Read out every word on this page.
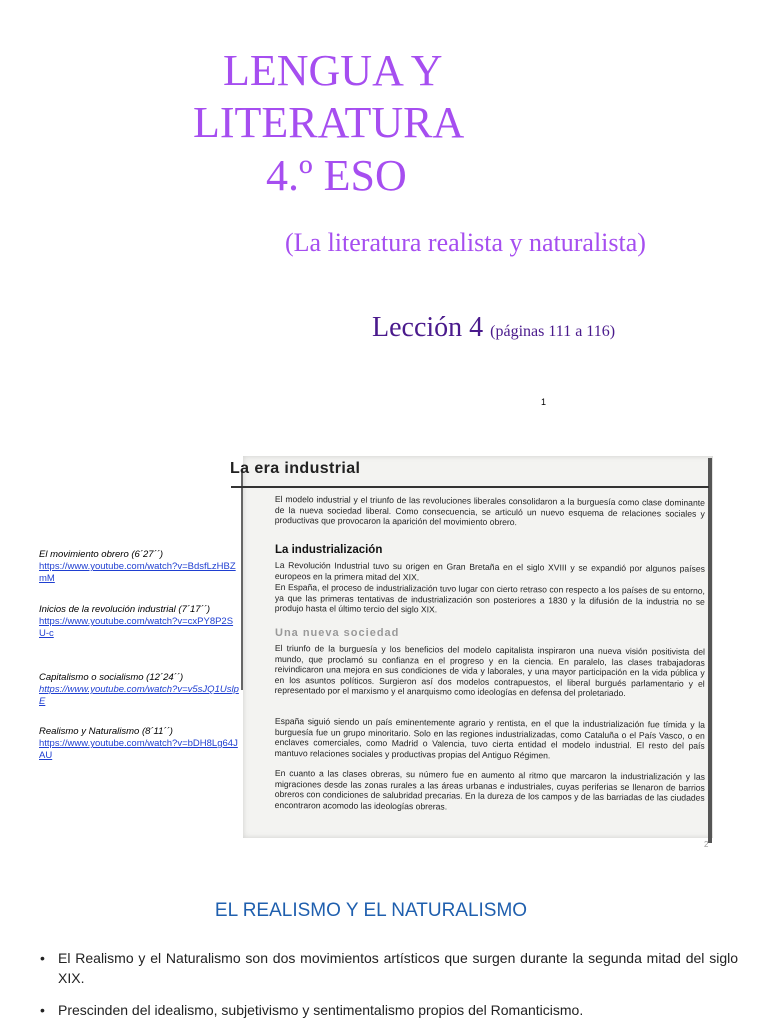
LENGUA Y
LITERATURA
4.º ESO
(La literatura realista y naturalista)
Lección 4 (páginas 111 a 116)
1
El movimiento obrero (6´27´´)
https://www.youtube.com/watch?v=BdsfLzHBZmM
Inicios de la revolución industrial (7´17´´)
https://www.youtube.com/watch?v=cxPY8P2SU-c
Capitalismo o socialismo (12´24´´)
https://www.youtube.com/watch?v=v5sJQ1UslpE
Realismo y Naturalismo (8´11´´)
https://www.youtube.com/watch?v=bDH8Lg64JAU
La era industrial
El modelo industrial y el triunfo de las revoluciones liberales consolidaron a la burguesía como clase dominante de la nueva sociedad liberal. Como consecuencia, se articuló un nuevo esquema de relaciones sociales y productivas que provocaron la aparición del movimiento obrero.
La industrialización
La Revolución Industrial tuvo su origen en Gran Bretaña en el siglo XVIII y se expandió por algunos países europeos en la primera mitad del XIX.
En España, el proceso de industrialización tuvo lugar con cierto retraso con respecto a los países de su entorno, ya que las primeras tentativas de industrialización son posteriores a 1830 y la difusión de la industria no se produjo hasta el último tercio del siglo XIX.
Una nueva sociedad
El triunfo de la burguesía y los beneficios del modelo capitalista inspiraron una nueva visión positivista del mundo, que proclamó su confianza en el progreso y en la ciencia. En paralelo, las clases trabajadoras reivindicaron una mejora en sus condiciones de vida y laborales, y una mayor participación en la vida pública y en los asuntos políticos. Surgieron así dos modelos contrapuestos, el liberal burgués parlamentario y el representado por el marxismo y el anarquismo como ideologías en defensa del proletariado.
España siguió siendo un país eminentemente agrario y rentista, en el que la industrialización fue tímida y la burguesía fue un grupo minoritario. Solo en las regiones industrializadas, como Cataluña o el País Vasco, o en enclaves comerciales, como Madrid o Valencia, tuvo cierta entidad el modelo industrial. El resto del país mantuvo relaciones sociales y productivas propias del Antiguo Régimen.
En cuanto a las clases obreras, su número fue en aumento al ritmo que marcaron la industrialización y las migraciones desde las zonas rurales a las áreas urbanas e industriales, cuyas periferias se llenaron de barrios obreros con condiciones de salubridad precarias. En la dureza de los campos y de las barriadas de las ciudades encontraron acomodo las ideologías obreras.
2
EL REALISMO Y EL NATURALISMO
• El Realismo y el Naturalismo son dos movimientos artísticos que surgen durante la segunda mitad del siglo XIX.
• Prescinden del idealismo, subjetivismo y sentimentalismo propios del Romanticismo.
